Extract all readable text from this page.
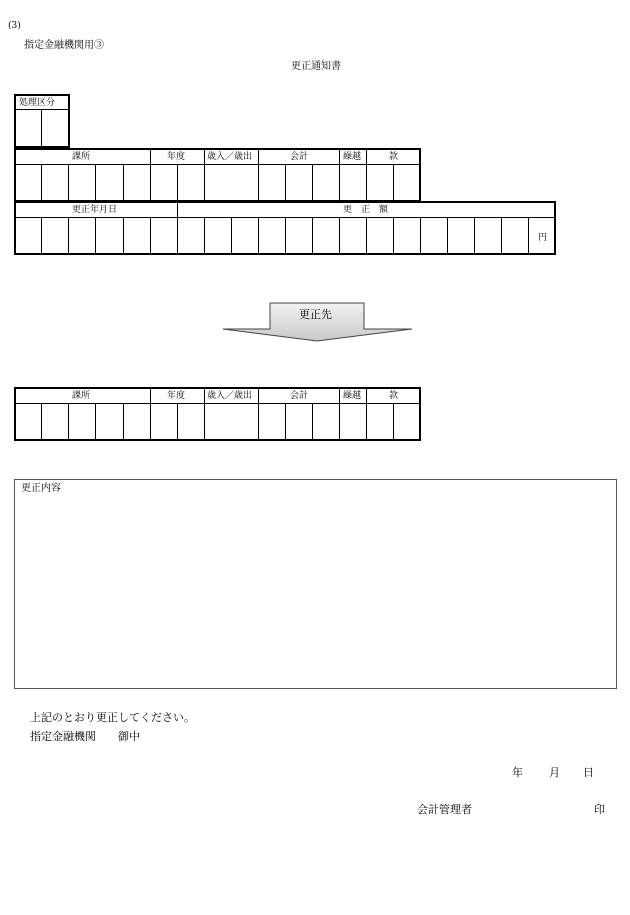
(3)
指定金融機関用③
更正通知書
処理区分
課所	年度 歳入／歳出	会計	繰越	款
更正年月日	更　正　額
円
更正先
課所	年度 歳入／歳出	会計	繰越	款
更正内容
上記のとおり更正してください。
指定金融機関　　御中
年 月 日
会計管理者	印
